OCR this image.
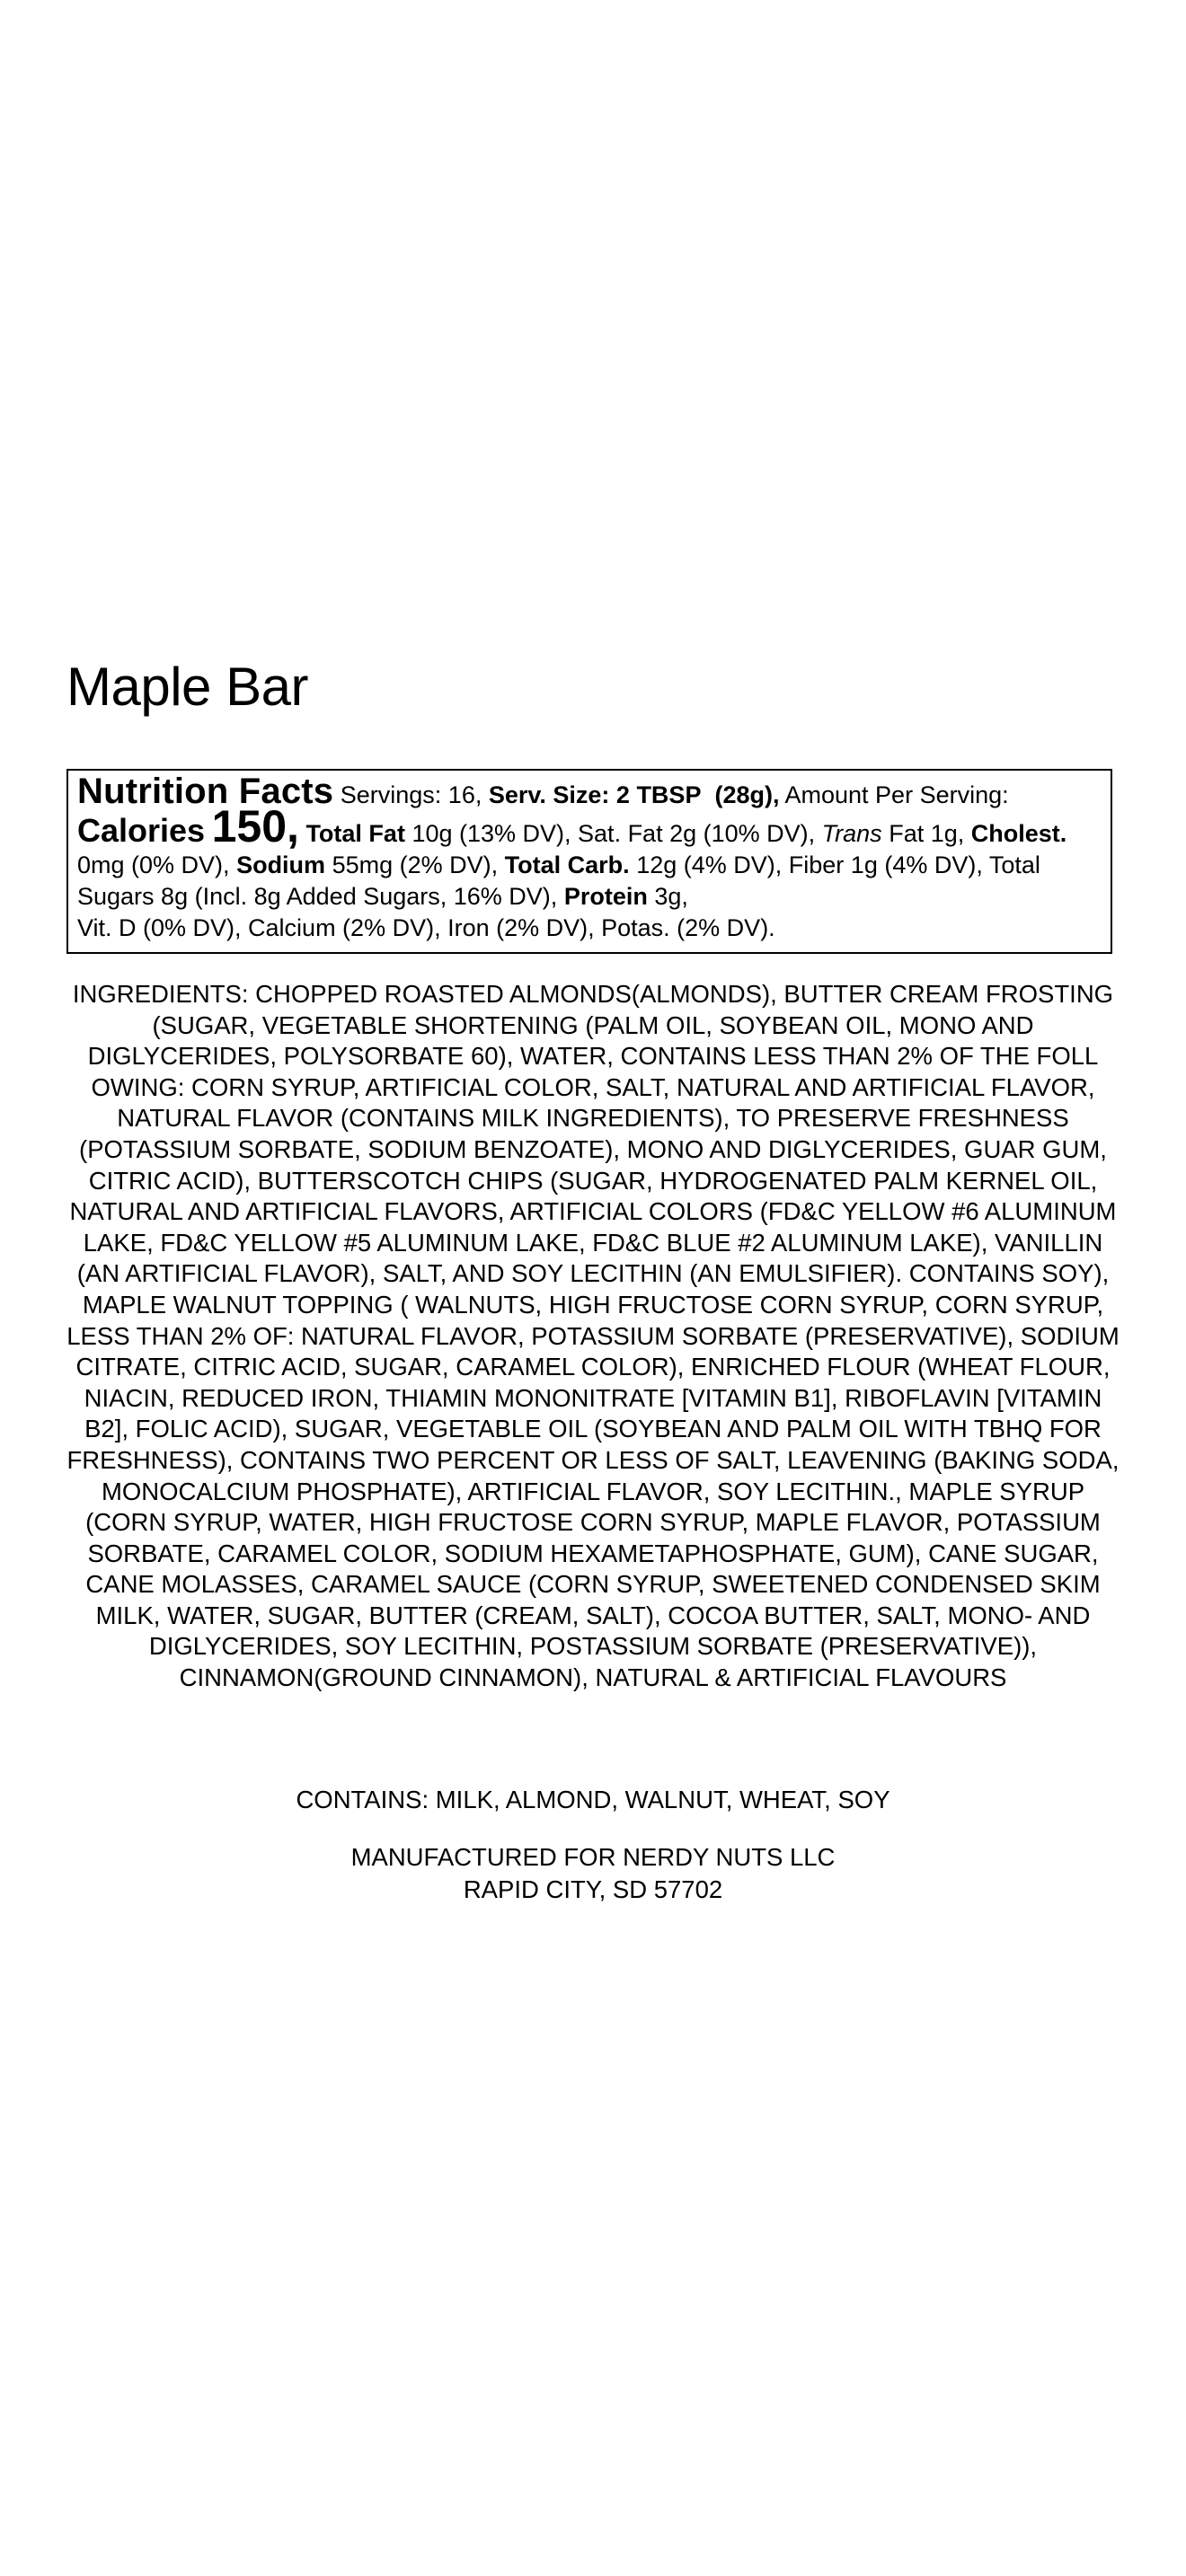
Maple Bar
Nutrition Facts Servings: 16, Serv. Size: 2 TBSP (28g), Amount Per Serving: Calories 150, Total Fat 10g (13% DV), Sat. Fat 2g (10% DV), Trans Fat 1g, Cholest. 0mg (0% DV), Sodium 55mg (2% DV), Total Carb. 12g (4% DV), Fiber 1g (4% DV), Total Sugars 8g (Incl. 8g Added Sugars, 16% DV), Protein 3g,
Vit. D (0% DV), Calcium (2% DV), Iron (2% DV), Potas. (2% DV).

INGREDIENTS: CHOPPED ROASTED ALMONDS(ALMONDS), BUTTER CREAM FROSTING (SUGAR, VEGETABLE SHORTENING (PALM OIL, SOYBEAN OIL, MONO AND DIGLYCERIDES, POLYSORBATE 60), WATER, CONTAINS LESS THAN 2% OF THE FOLL OWING: CORN SYRUP, ARTIFICIAL COLOR, SALT, NATURAL AND ARTIFICIAL FLAVOR, NATURAL FLAVOR (CONTAINS MILK INGREDIENTS), TO PRESERVE FRESHNESS (POTASSIUM SORBATE, SODIUM BENZOATE), MONO AND DIGLYCERIDES, GUAR GUM, CITRIC ACID), BUTTERSCOTCH CHIPS (SUGAR, HYDROGENATED PALM KERNEL OIL, NATURAL AND ARTIFICIAL FLAVORS, ARTIFICIAL COLORS (FD&C YELLOW #6 ALUMINUM LAKE, FD&C YELLOW #5 ALUMINUM LAKE, FD&C BLUE #2 ALUMINUM LAKE), VANILLIN (AN ARTIFICIAL FLAVOR), SALT, AND SOY LECITHIN (AN EMULSIFIER). CONTAINS SOY), MAPLE WALNUT TOPPING ( WALNUTS, HIGH FRUCTOSE CORN SYRUP, CORN SYRUP, LESS THAN 2% OF: NATURAL FLAVOR, POTASSIUM SORBATE (PRESERVATIVE), SODIUM CITRATE, CITRIC ACID, SUGAR, CARAMEL COLOR), ENRICHED FLOUR (WHEAT FLOUR, NIACIN, REDUCED IRON, THIAMIN MONONITRATE [VITAMIN B1], RIBOFLAVIN [VITAMIN B2], FOLIC ACID), SUGAR, VEGETABLE OIL (SOYBEAN AND PALM OIL WITH TBHQ FOR FRESHNESS), CONTAINS TWO PERCENT OR LESS OF SALT, LEAVENING (BAKING SODA, MONOCALCIUM PHOSPHATE), ARTIFICIAL FLAVOR, SOY LECITHIN., MAPLE SYRUP (CORN SYRUP, WATER, HIGH FRUCTOSE CORN SYRUP, MAPLE FLAVOR, POTASSIUM SORBATE, CARAMEL COLOR, SODIUM HEXAMETAPHOSPHATE, GUM), CANE SUGAR, CANE MOLASSES, CARAMEL SAUCE (CORN SYRUP, SWEETENED CONDENSED SKIM MILK, WATER, SUGAR, BUTTER (CREAM, SALT), COCOA BUTTER, SALT, MONO- AND DIGLYCERIDES, SOY LECITHIN, POSTASSIUM SORBATE (PRESERVATIVE)), CINNAMON(GROUND CINNAMON), NATURAL & ARTIFICIAL FLAVOURS

CONTAINS: MILK, ALMOND, WALNUT, WHEAT, SOY

MANUFACTURED FOR NERDY NUTS LLC
RAPID CITY, SD 57702
